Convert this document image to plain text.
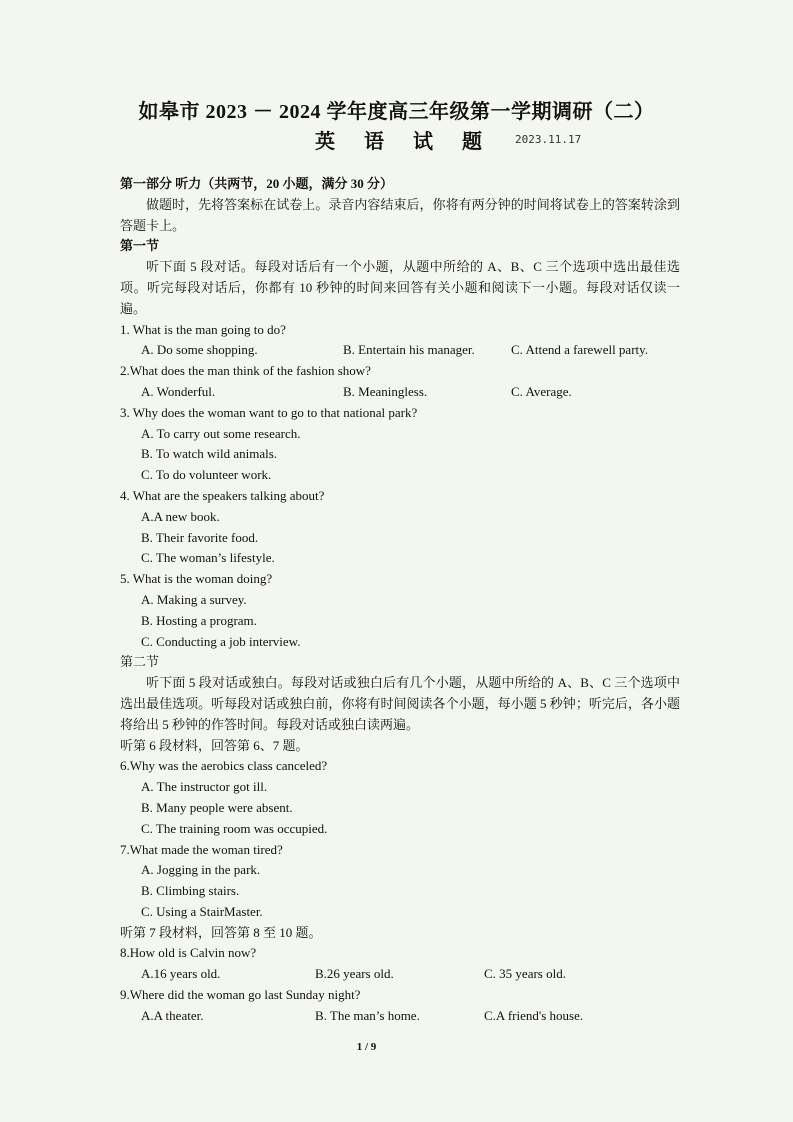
如皋市 2023 － 2024 学年度高三年级第一学期调研（二）
英 语 试 题 2023.11.17

第一部分 听力（共两节，20 小题，满分 30 分）

做题时，先将答案标在试卷上。录音内容结束后，你将有两分钟的时间将试卷上的答案转涂到答题卡上。

第一节

听下面 5 段对话。每段对话后有一个小题，从题中所给的 A、B、C 三个选项中选出最佳选项。听完每段对话后，你都有 10 秒钟的时间来回答有关小题和阅读下一小题。每段对话仅读一遍。

1. What is the man going to do?

A. Do some shopping.	B. Entertain his manager.	C. Attend a farewell party.

2.What does the man think of the fashion show?

A. Wonderful.	B. Meaningless.	C. Average.

3. Why does the woman want to go to that national park?

A. To carry out some research.

B. To watch wild animals.

C. To do volunteer work.

4. What are the speakers talking about?

A.A new book.

B. Their favorite food.

C. The woman’s lifestyle.

5. What is the woman doing?

A. Making a survey.

B. Hosting a program.

C. Conducting a job interview.

第二节

听下面 5 段对话或独白。每段对话或独白后有几个小题，从题中所给的 A、B、C 三个选项中选出最佳选项。听每段对话或独白前，你将有时间阅读各个小题，每小题 5 秒钟；听完后，各小题将给出 5 秒钟的作答时间。每段对话或独白读两遍。

听第 6 段材料，回答第 6、7 题。

6.Why was the aerobics class canceled?

A. The instructor got ill.

B. Many people were absent.

C. The training room was occupied.

7.What made the woman tired?

A. Jogging in the park.

B. Climbing stairs.

C. Using a StairMaster.

听第 7 段材料，回答第 8 至 10 题。

8.How old is Calvin now?

A.16 years old.	B.26 years old.	C. 35 years old.

9.Where did the woman go last Sunday night?

A.A theater.	B. The man’s home.	C.A friend's house.
1 / 9
